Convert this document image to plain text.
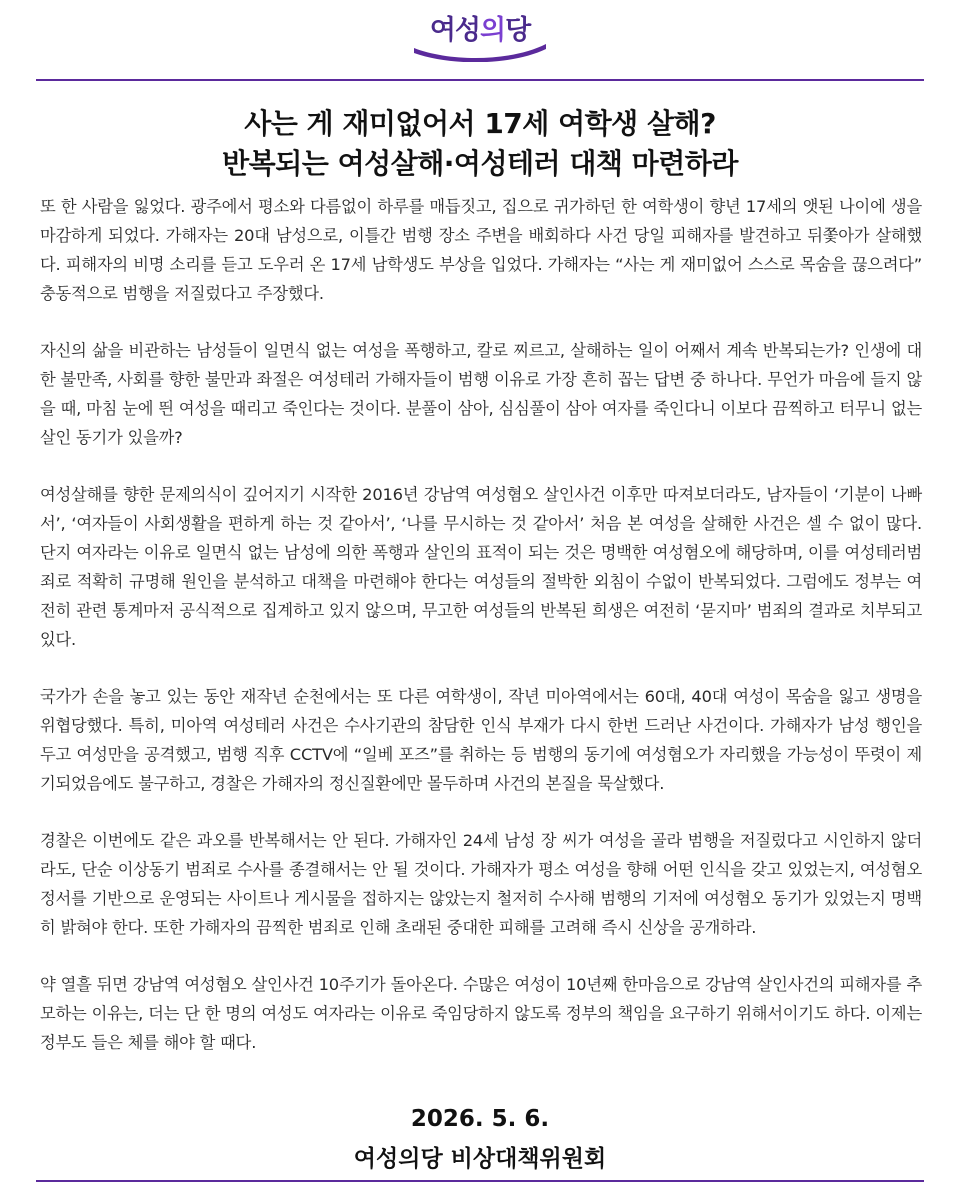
여성의당
사는 게 재미없어서 17세 여학생 살해?
반복되는 여성살해·여성테러 대책 마련하라

또 한 사람을 잃었다. 광주에서 평소와 다름없이 하루를 매듭짓고, 집으로 귀가하던 한 여학생이 향년 17세의 앳된 나이에 생을 마감하게 되었다. 가해자는 20대 남성으로, 이틀간 범행 장소 주변을 배회하다 사건 당일 피해자를 발견하고 뒤쫓아가 살해했다. 피해자의 비명 소리를 듣고 도우러 온 17세 남학생도 부상을 입었다. 가해자는 “사는 게 재미없어 스스로 목숨을 끊으려다” 충동적으로 범행을 저질렀다고 주장했다.

자신의 삶을 비관하는 남성들이 일면식 없는 여성을 폭행하고, 칼로 찌르고, 살해하는 일이 어째서 계속 반복되는가? 인생에 대한 불만족, 사회를 향한 불만과 좌절은 여성테러 가해자들이 범행 이유로 가장 흔히 꼽는 답변 중 하나다. 무언가 마음에 들지 않을 때, 마침 눈에 띈 여성을 때리고 죽인다는 것이다. 분풀이 삼아, 심심풀이 삼아 여자를 죽인다니 이보다 끔찍하고 터무니 없는 살인 동기가 있을까?

여성살해를 향한 문제의식이 깊어지기 시작한 2016년 강남역 여성혐오 살인사건 이후만 따져보더라도, 남자들이 ‘기분이 나빠서’, ‘여자들이 사회생활을 편하게 하는 것 같아서’, ‘나를 무시하는 것 같아서’ 처음 본 여성을 살해한 사건은 셀 수 없이 많다. 단지 여자라는 이유로 일면식 없는 남성에 의한 폭행과 살인의 표적이 되는 것은 명백한 여성혐오에 해당하며, 이를 여성테러범죄로 적확히 규명해 원인을 분석하고 대책을 마련해야 한다는 여성들의 절박한 외침이 수없이 반복되었다. 그럼에도 정부는 여전히 관련 통계마저 공식적으로 집계하고 있지 않으며, 무고한 여성들의 반복된 희생은 여전히 ‘묻지마’ 범죄의 결과로 치부되고 있다.

국가가 손을 놓고 있는 동안 재작년 순천에서는 또 다른 여학생이, 작년 미아역에서는 60대, 40대 여성이 목숨을 잃고 생명을 위협당했다. 특히, 미아역 여성테러 사건은 수사기관의 참담한 인식 부재가 다시 한번 드러난 사건이다. 가해자가 남성 행인을 두고 여성만을 공격했고, 범행 직후 CCTV에 “일베 포즈”를 취하는 등 범행의 동기에 여성혐오가 자리했을 가능성이 뚜렷이 제기되었음에도 불구하고, 경찰은 가해자의 정신질환에만 몰두하며 사건의 본질을 묵살했다.

경찰은 이번에도 같은 과오를 반복해서는 안 된다. 가해자인 24세 남성 장 씨가 여성을 골라 범행을 저질렀다고 시인하지 않더라도, 단순 이상동기 범죄로 수사를 종결해서는 안 될 것이다. 가해자가 평소 여성을 향해 어떤 인식을 갖고 있었는지, 여성혐오 정서를 기반으로 운영되는 사이트나 게시물을 접하지는 않았는지 철저히 수사해 범행의 기저에 여성혐오 동기가 있었는지 명백히 밝혀야 한다. 또한 가해자의 끔찍한 범죄로 인해 초래된 중대한 피해를 고려해 즉시 신상을 공개하라.

약 열흘 뒤면 강남역 여성혐오 살인사건 10주기가 돌아온다. 수많은 여성이 10년째 한마음으로 강남역 살인사건의 피해자를 추모하는 이유는, 더는 단 한 명의 여성도 여자라는 이유로 죽임당하지 않도록 정부의 책임을 요구하기 위해서이기도 하다. 이제는 정부도 들은 체를 해야 할 때다.

2026. 5. 6.
여성의당 비상대책위원회
